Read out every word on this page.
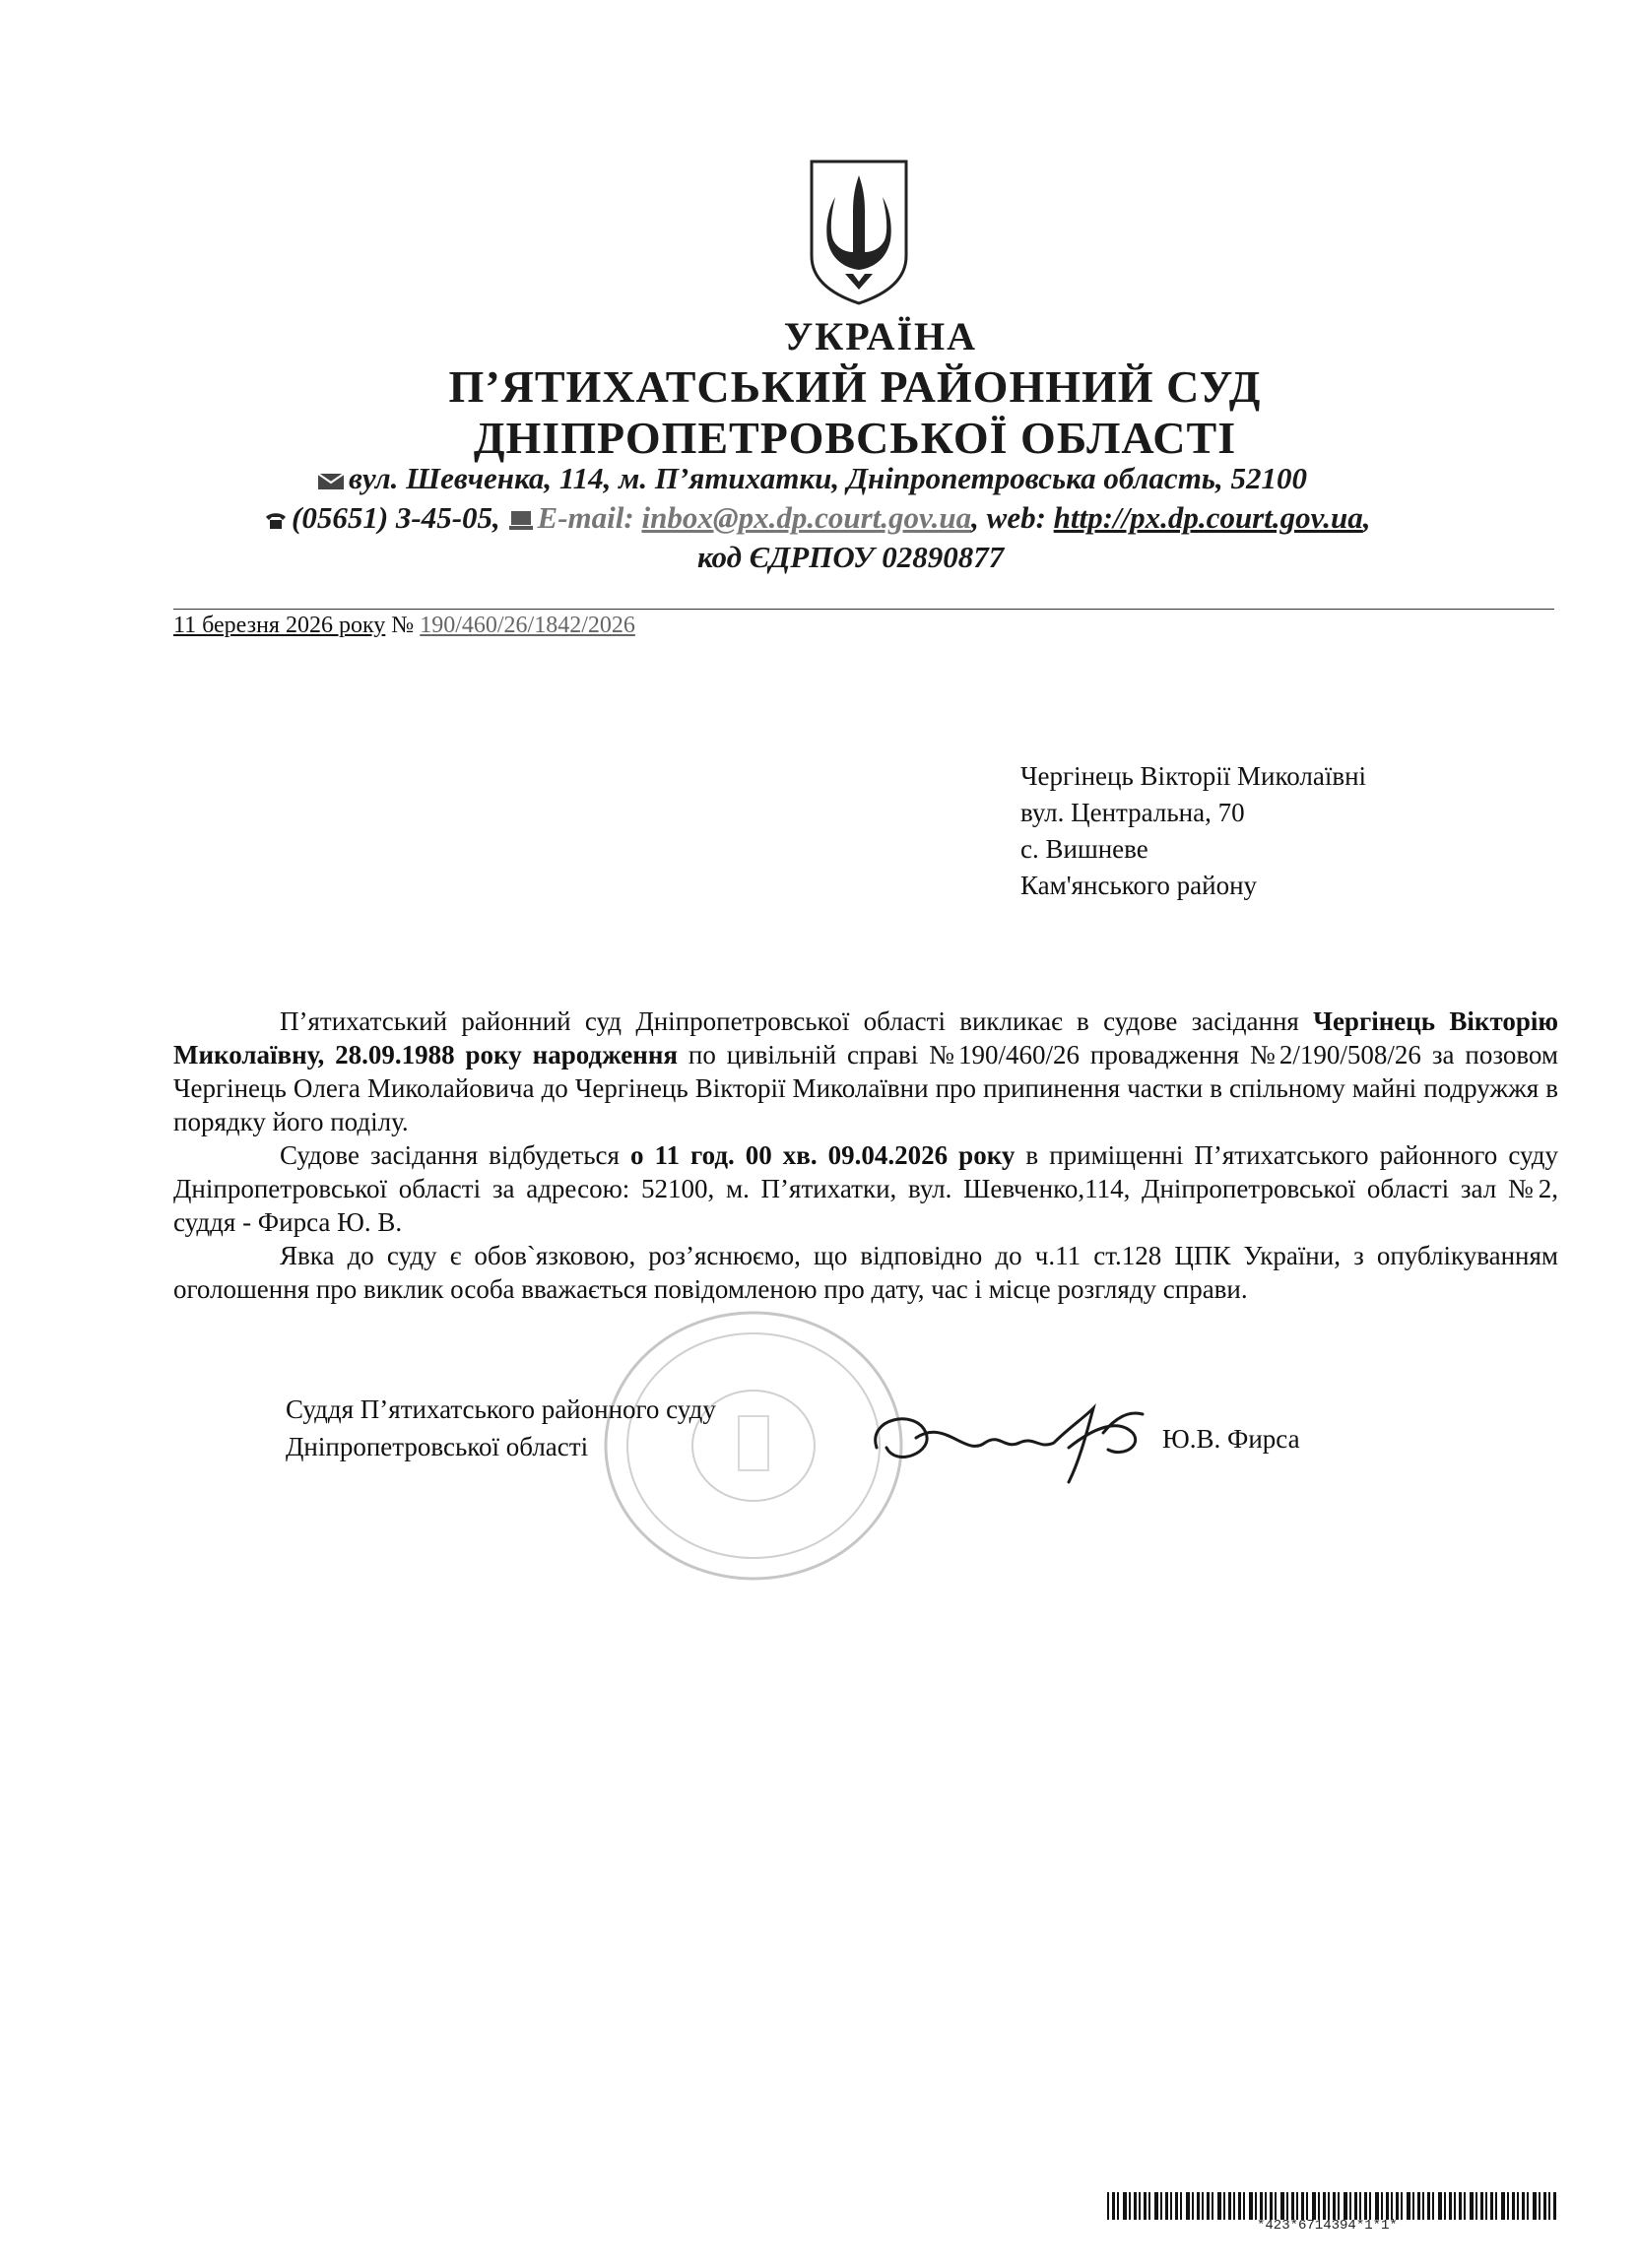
УКРАЇНА
П’ЯТИХАТСЬКИЙ РАЙОННИЙ СУД
ДНІПРОПЕТРОВСЬКОЇ ОБЛАСТІ
вул. Шевченка, 114, м. П’ятихатки, Дніпропетровська область, 52100
(05651) 3-45-05, E-mail: inbox@px.dp.court.gov.ua, web: http://px.dp.court.gov.ua,
код ЄДРПОУ 02890877
11 березня 2026 року № 190/460/26/1842/2026
Чергінець Вікторії Миколаївні
вул. Центральна, 70
с. Вишневе
Кам'янського району

П’ятихатський районний суд Дніпропетровської області викликає в судове засідання Чергінець Вікторію Миколаївну, 28.09.1988 року народження по цивільній справі №190/460/26 провадження №2/190/508/26 за позовом Чергінець Олега Миколайовича до Чергінець Вікторії Миколаївни про припинення частки в спільному майні подружжя в порядку його поділу.

Судове засідання відбудеться о 11 год. 00 хв. 09.04.2026 року в приміщенні П’ятихатського районного суду Дніпропетровської області за адресою: 52100, м. П’ятихатки, вул. Шевченко,114, Дніпропетровської області зал №2, суддя - Фирса Ю. В.

Явка до суду є обов`язковою, роз’яснюємо, що відповідно до ч.11 ст.128 ЦПК України, з опублікуванням оголошення про виклик особа вважається повідомленою про дату, час і місце розгляду справи.

Суддя П’ятихатського районного суду
Дніпропетровської області	Ю.В. Фирса
*423*6714394*1*1*
